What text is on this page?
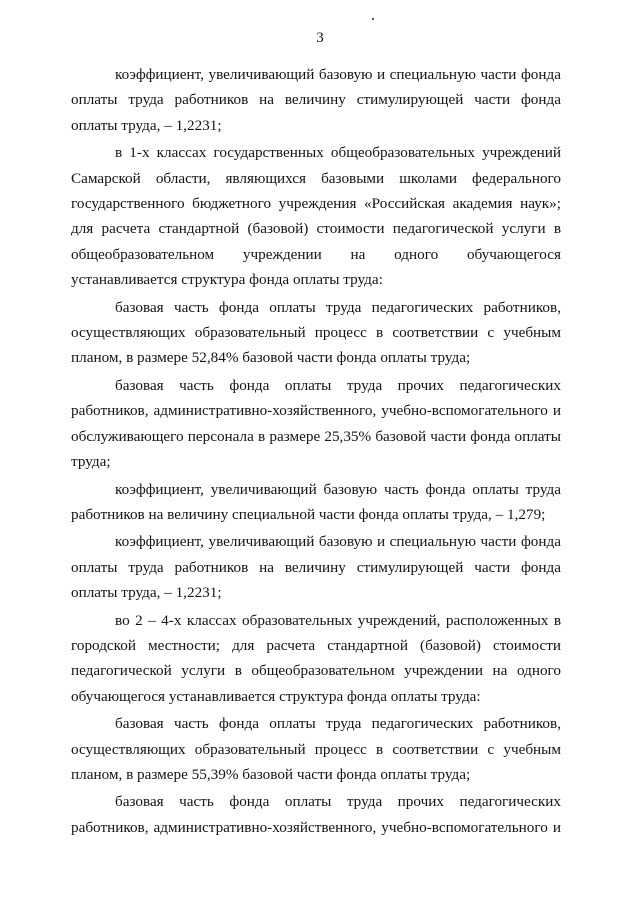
3
коэффициент, увеличивающий базовую и специальную части фонда
оплаты труда работников на величину стимулирующей части фонда
оплаты труда, – 1,2231;
в 1-х классах государственных общеобразовательных учреждений
Самарской области, являющихся базовыми школами федерального
государственного бюджетного учреждения «Российская академия наук»;
для расчета стандартной (базовой) стоимости педагогической услуги в
общеобразовательном учреждении на одного обучающегося
устанавливается структура фонда оплаты труда:
базовая часть фонда оплаты труда педагогических работников,
осуществляющих образовательный процесс в соответствии с учебным
планом, в размере 52,84% базовой части фонда оплаты труда;
базовая часть фонда оплаты труда прочих педагогических
работников, административно-хозяйственного, учебно-вспомогательного и
обслуживающего персонала в размере 25,35% базовой части фонда оплаты
труда;
коэффициент, увеличивающий базовую часть фонда оплаты труда
работников на величину специальной части фонда оплаты труда, – 1,279;
коэффициент, увеличивающий базовую и специальную части фонда
оплаты труда работников на величину стимулирующей части фонда
оплаты труда, – 1,2231;
во 2 – 4-х классах образовательных учреждений, расположенных в
городской местности; для расчета стандартной (базовой) стоимости
педагогической услуги в общеобразовательном учреждении на одного
обучающегося устанавливается структура фонда оплаты труда:
базовая часть фонда оплаты труда педагогических работников,
осуществляющих образовательный процесс в соответствии с учебным
планом, в размере 55,39% базовой части фонда оплаты труда;
базовая часть фонда оплаты труда прочих педагогических
работников, административно-хозяйственного, учебно-вспомогательного и
